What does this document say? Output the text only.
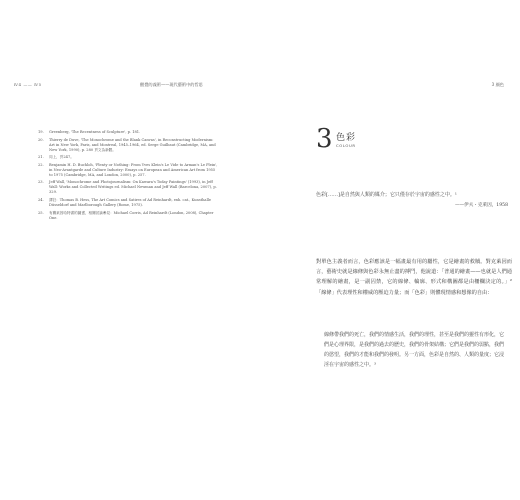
Ⅳ4 —— Ⅳ5	醒覺的義術——現代藝術中的哲思
19.	Greenberg, 'The Recentness of Sculpture', p. 181.
20.	Thierry de Duve, 'The Monochrome and the Blank Canvas', in Reconstructing Modernism: Art in New York, Paris, and Montreal, 1945–1964, ed. Serge Guilbaut (Cambridge, MA, and New York, 1990), p. 280 頁文為新體。
21.	同上，頁247。
22.	Benjamin H. D. Buchloh, 'Plenty or Nothing: From Yves Klein's Le Vide to Arman's Le Plein', in Neo-Avantgarde and Culture Industry: Essays on European and American Art from 1955 to 1975 (Cambridge, MA, and London, 2000), p. 257.
23.	Jeff Wall, 'Monochrome and Photojournalism: On Kawara's Today Paintings' (1993), in Jeff Wall: Works and Collected Writings ed. Michael Newman and Jeff Wall (Barcelona, 2007), p. 329.
24.	譯註：Thomas B. Hess, The Art Comics and Satires of Ad Reinhardt, exh. cat., Kunsthalle Düsseldorf and Marlborough Gallery (Rome, 1975).
25.	有關萊因哈特書的圖畫，相關討論參見：Michael Corris, Ad Reinhardt (London, 2008), Chapter One.
3 顏色
3 色彩
COLOUR
色彩[……]是自然與人類的媒介；它只僅存於宇宙的感性之中。¹
——伊夫・克萊因，1958
對單色主義者而言，色彩應該是一幅畫最有用的屬性，它是繪畫的救贖。對克萊因而言，藝術史就是線條與色彩永無止盡的搏鬥，他說道：「普通的繪畫——也就是人們通常理解的繪畫，是一副囚禁，它的線條、輪廓、形式和構圖都是由柵欄決定的。」²「線條」代表理性和權威的壓迫力量；而「色彩」則體現情感和想像的自由：
線條帶我們的死亡，我們的情感生活，我們的理性，甚至是我們的靈性有形化，它們是心理界限，是我們的過去的歷史，我們的骨架結構；它們是我們的弱點，我們的慾望，我們的才能和我們的發明。另一方面，色彩是自然的、人類的量度；它浸淫在宇宙的感性之中。³
